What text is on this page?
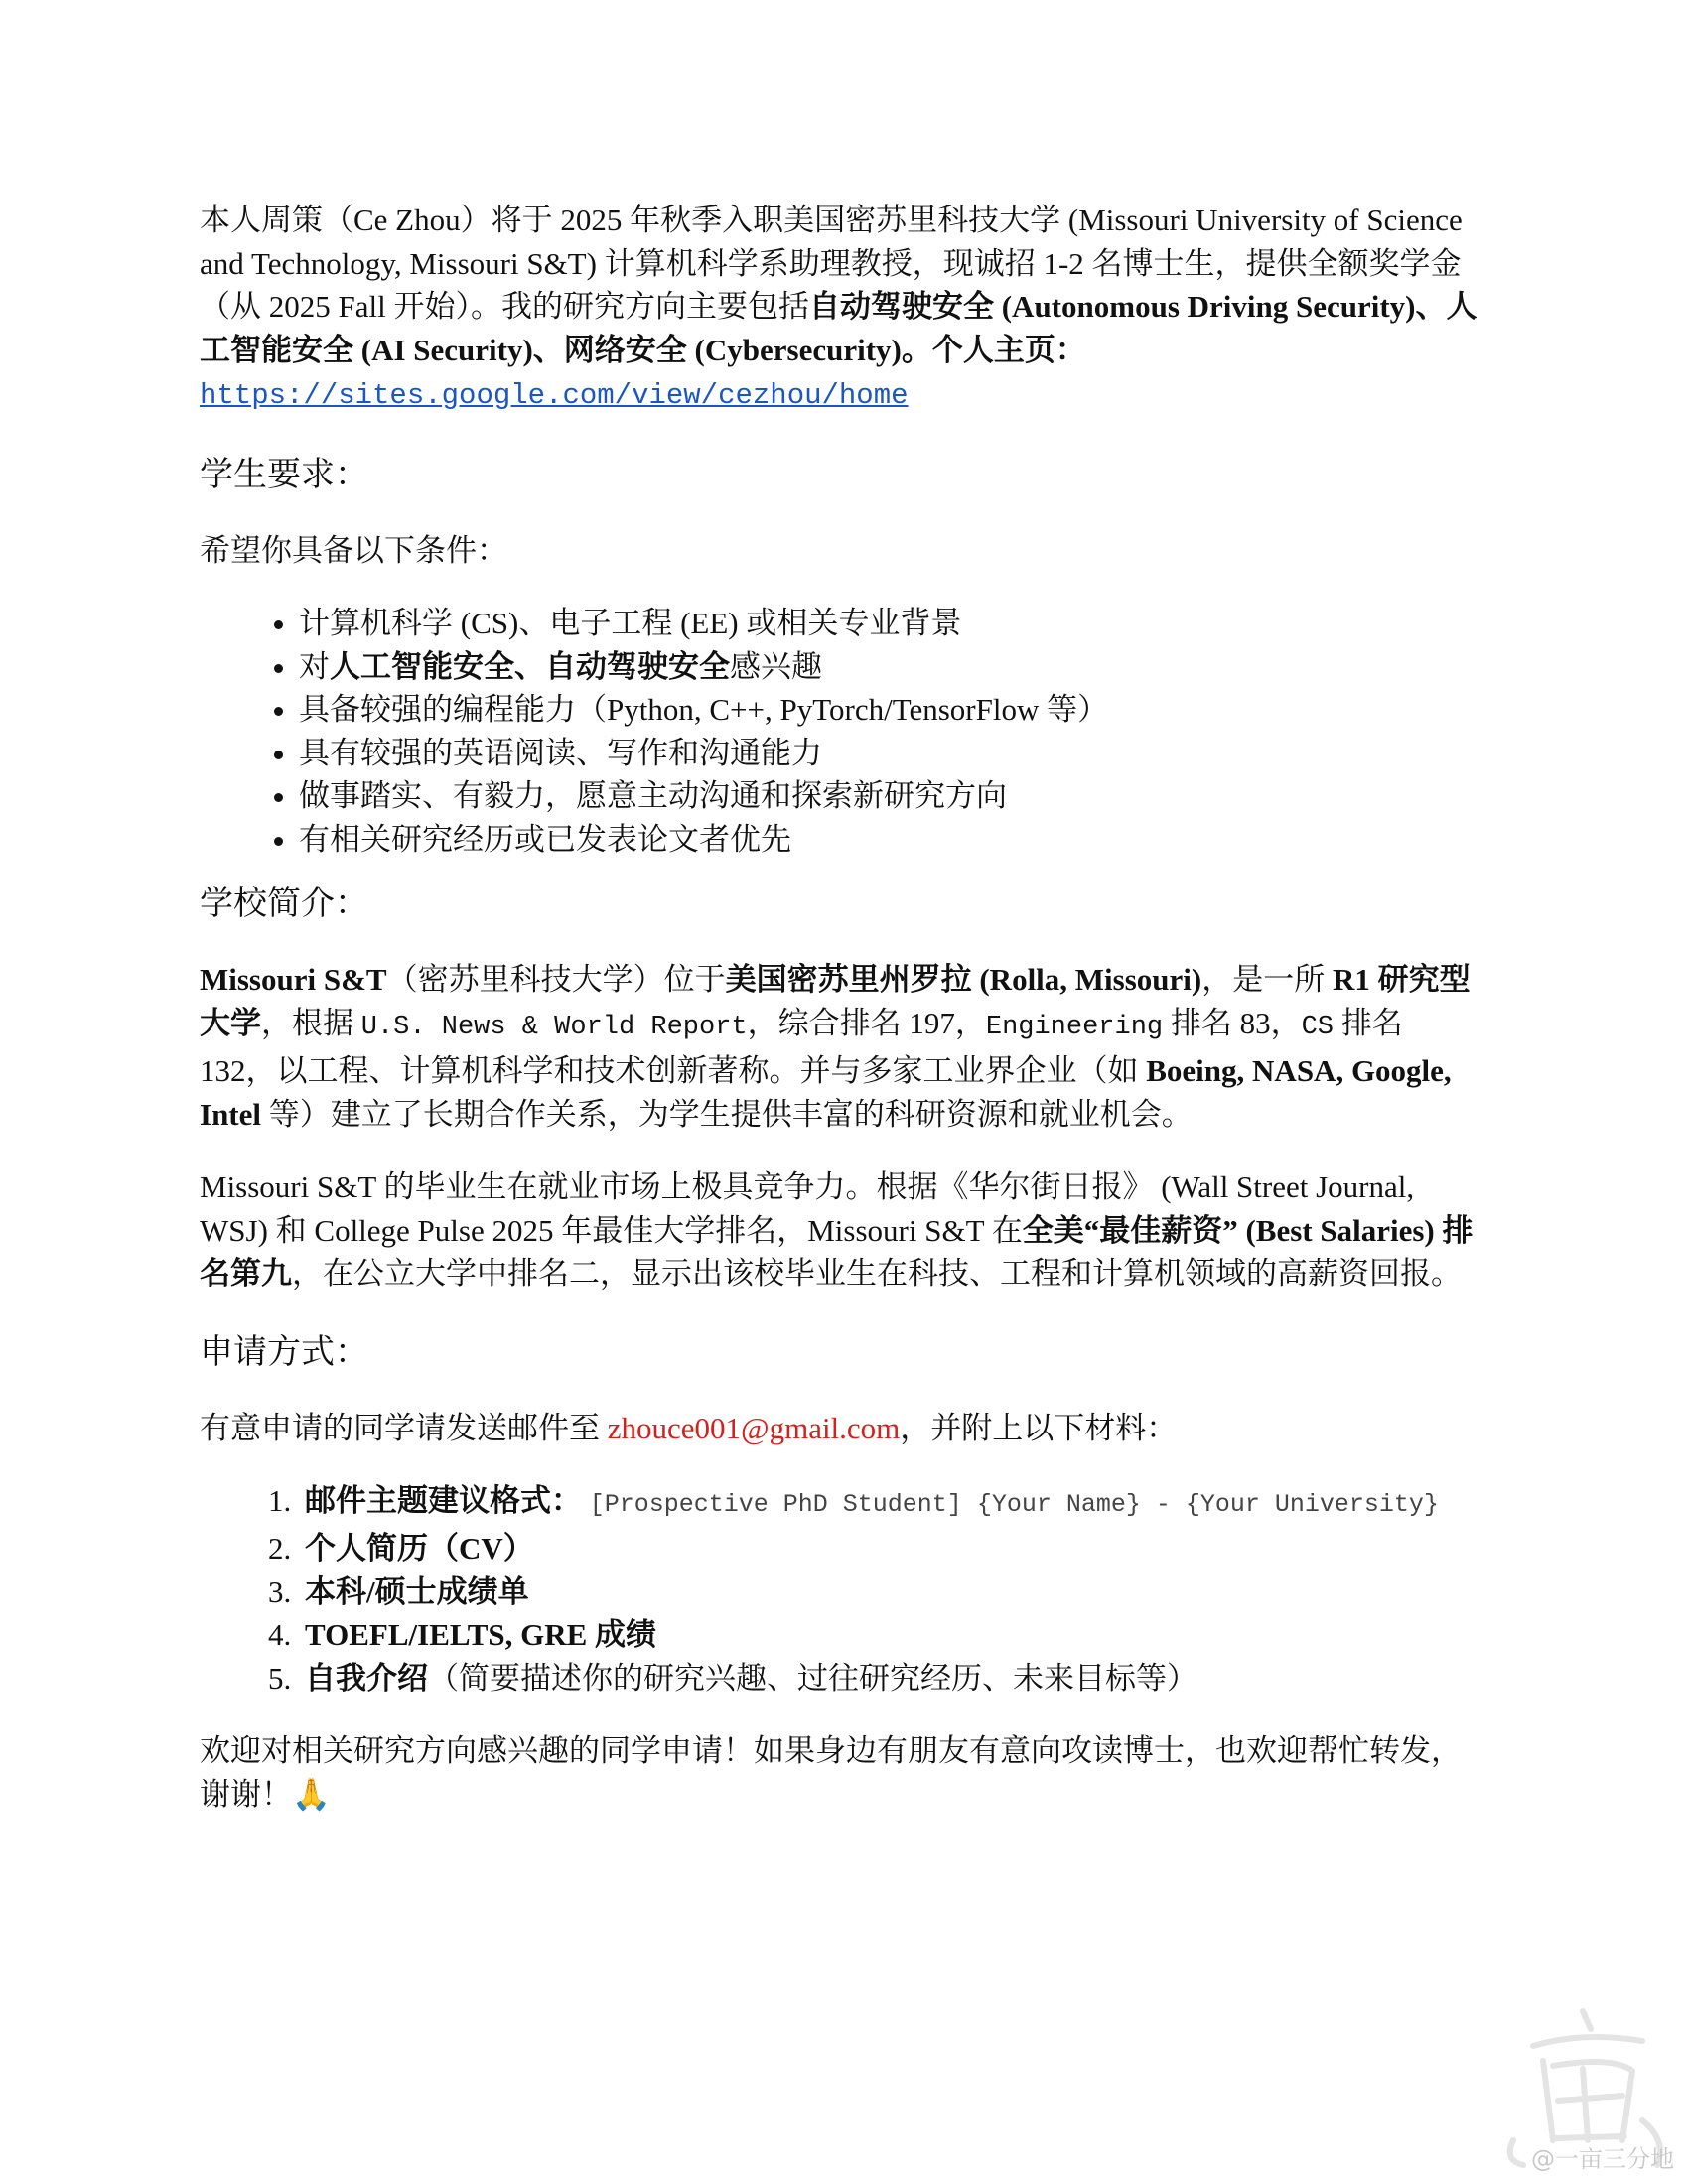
本人周策（Ce Zhou）将于 2025 年秋季入职美国密苏里科技大学 (Missouri University of Science and Technology, Missouri S&T) 计算机科学系助理教授，现诚招 1-2 名博士生，提供全额奖学金（从 2025 Fall 开始）。我的研究方向主要包括自动驾驶安全 (Autonomous Driving Security)、人工智能安全 (AI Security)、网络安全 (Cybersecurity)。个人主页：
https://sites.google.com/view/cezhou/home

学生要求：

希望你具备以下条件：

• 计算机科学 (CS)、电子工程 (EE) 或相关专业背景
• 对人工智能安全、自动驾驶安全感兴趣
• 具备较强的编程能力（Python, C++, PyTorch/TensorFlow 等）
• 具有较强的英语阅读、写作和沟通能力
• 做事踏实、有毅力，愿意主动沟通和探索新研究方向
• 有相关研究经历或已发表论文者优先
学校简介：

Missouri S&T（密苏里科技大学）位于美国密苏里州罗拉 (Rolla, Missouri)，是一所 R1 研究型大学，根据 U.S. News & World Report，综合排名 197，Engineering 排名 83，CS 排名 132，以工程、计算机科学和技术创新著称。并与多家工业界企业（如 Boeing, NASA, Google, Intel 等）建立了长期合作关系，为学生提供丰富的科研资源和就业机会。

Missouri S&T 的毕业生在就业市场上极具竞争力。根据《华尔街日报》 (Wall Street Journal, WSJ) 和 College Pulse 2025 年最佳大学排名，Missouri S&T 在全美“最佳薪资” (Best Salaries) 排名第九，在公立大学中排名二，显示出该校毕业生在科技、工程和计算机领域的高薪资回报。

申请方式：

有意申请的同学请发送邮件至 zhouce001@gmail.com，并附上以下材料：

1. 邮件主题建议格式： [Prospective PhD Student] {Your Name} - {Your University}
2. 个人简历（CV）
3. 本科/硕士成绩单
4. TOEFL/IELTS, GRE 成绩
5. 自我介绍（简要描述你的研究兴趣、过往研究经历、未来目标等）

欢迎对相关研究方向感兴趣的同学申请！如果身边有朋友有意向攻读博士，也欢迎帮忙转发，谢谢！🙏

@一亩三分地
